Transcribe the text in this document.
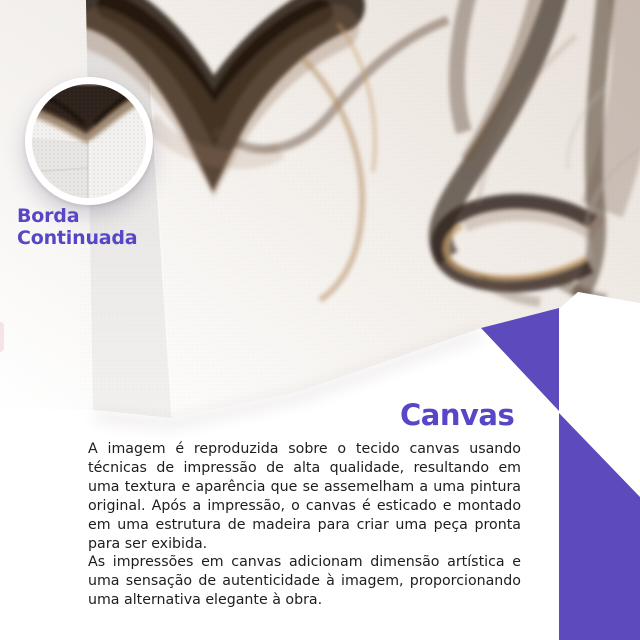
Borda Continuada
Canvas

A imagem é reproduzida sobre o tecido canvas usando técnicas de impressão de alta qualidade, resultando em uma textura e aparência que se assemelham a uma pintura original. Após a impressão, o canvas é esticado e montado em uma estrutura de madeira para criar uma peça pronta para ser exibida.

As impressões em canvas adicionam dimensão artística e uma sensação de autenticidade à imagem, proporcionando uma alternativa elegante à obra.
